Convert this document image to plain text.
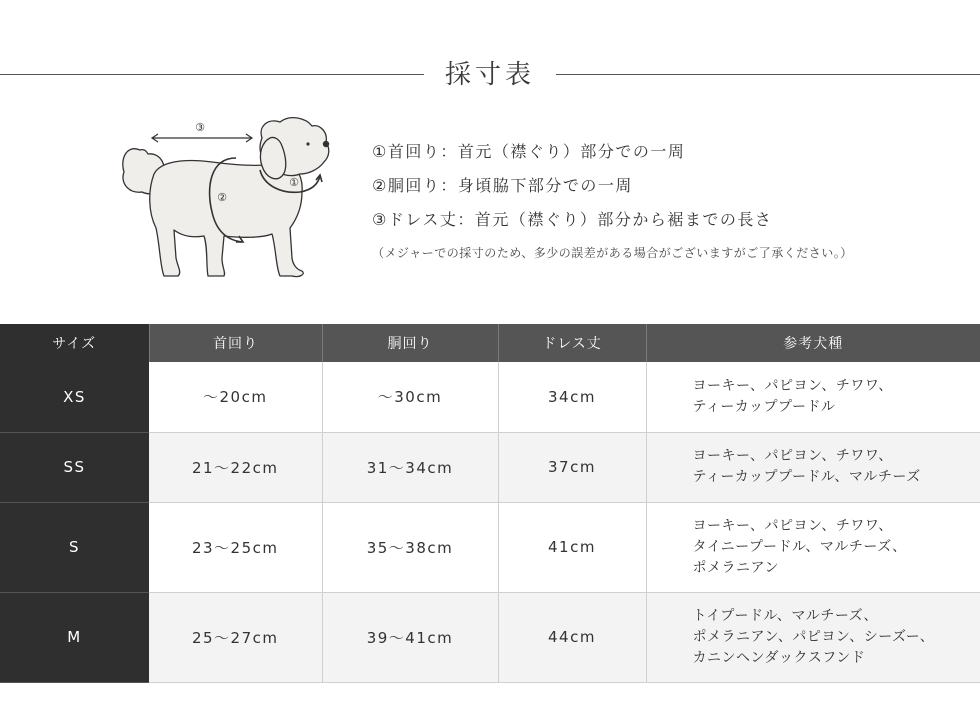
採寸表
③
②
①
①首回り：首元（襟ぐり）部分での一周
②胴回り：身頃脇下部分での一周
③ドレス丈：首元（襟ぐり）部分から裾までの長さ
（メジャーでの採寸のため、多少の誤差がある場合がございますがご了承ください。）
サイズ	首回り	胴回り	ドレス丈	参考犬種
XS	～20cm	～30cm	34cm	ヨーキー、パピヨン、チワワ、
ティーカッププードル

SS	21～22cm	31～34cm	37cm	ヨーキー、パピヨン、チワワ、
ティーカッププードル、マルチーズ

S	23～25cm	35～38cm	41cm	ヨーキー、パピヨン、チワワ、
タイニープードル、マルチーズ、
ポメラニアン

M	25～27cm	39～41cm	44cm	トイプードル、マルチーズ、
ポメラニアン、パピヨン、シーズー、
カニンヘンダックスフンド
